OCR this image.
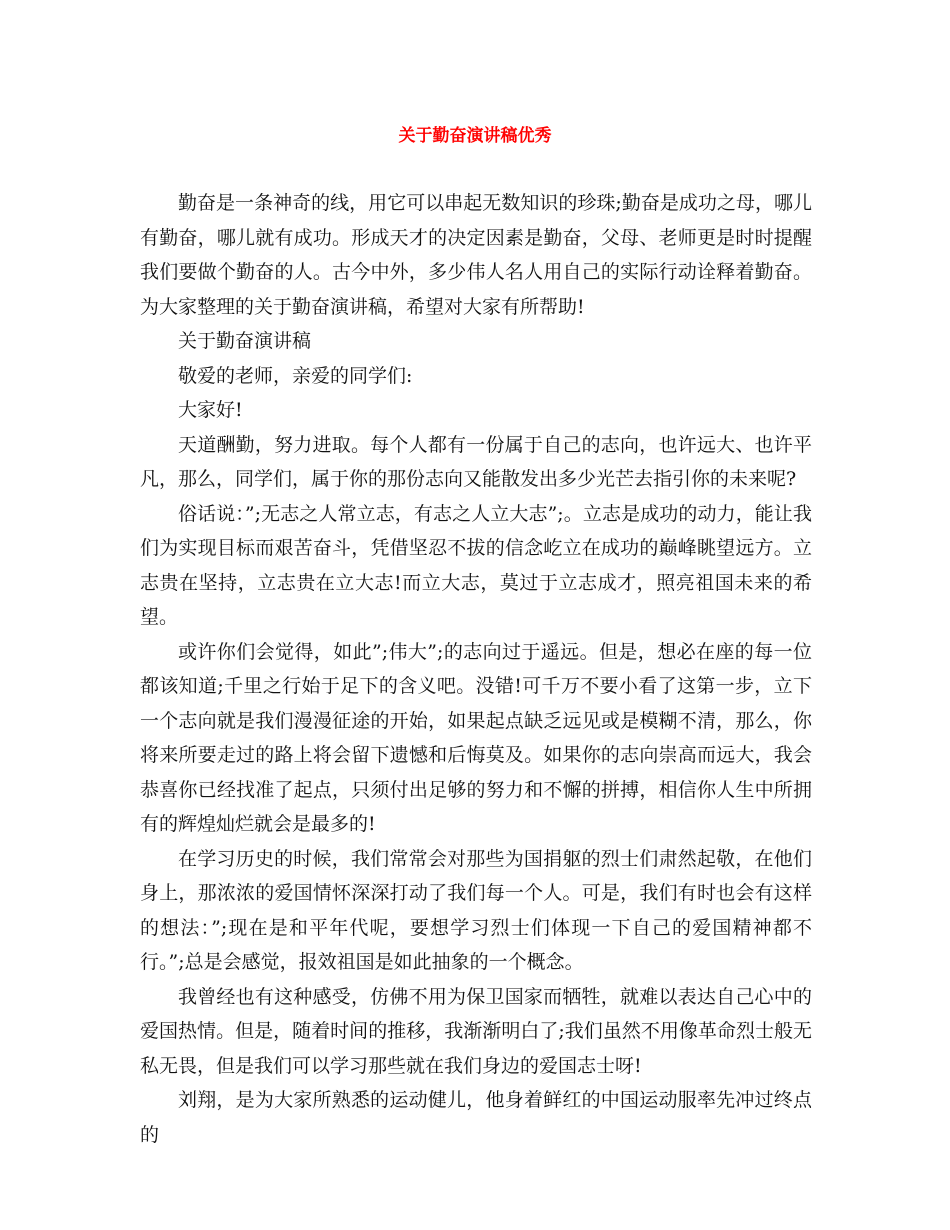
关于勤奋演讲稿优秀

勤奋是一条神奇的线，用它可以串起无数知识的珍珠;勤奋是成功之母，哪儿有勤奋，哪儿就有成功。形成天才的决定因素是勤奋，父母、老师更是时时提醒我们要做个勤奋的人。古今中外，多少伟人名人用自己的实际行动诠释着勤奋。为大家整理的关于勤奋演讲稿，希望对大家有所帮助!

关于勤奋演讲稿

敬爱的老师，亲爱的同学们:

大家好!

天道酬勤，努力进取。每个人都有一份属于自己的志向，也许远大、也许平凡，那么，同学们，属于你的那份志向又能散发出多少光芒去指引你的未来呢?

俗话说：”;无志之人常立志，有志之人立大志”;。立志是成功的动力，能让我们为实现目标而艰苦奋斗，凭借坚忍不拔的信念屹立在成功的巅峰眺望远方。立志贵在坚持，立志贵在立大志!而立大志，莫过于立志成才，照亮祖国未来的希望。

或许你们会觉得，如此”;伟大”;的志向过于遥远。但是，想必在座的每一位都该知道;千里之行始于足下的含义吧。没错!可千万不要小看了这第一步，立下一个志向就是我们漫漫征途的开始，如果起点缺乏远见或是模糊不清，那么，你将来所要走过的路上将会留下遗憾和后悔莫及。如果你的志向崇高而远大，我会恭喜你已经找准了起点，只须付出足够的努力和不懈的拼搏，相信你人生中所拥有的辉煌灿烂就会是最多的!

在学习历史的时候，我们常常会对那些为国捐躯的烈士们肃然起敬，在他们身上，那浓浓的爱国情怀深深打动了我们每一个人。可是，我们有时也会有这样的想法：”;现在是和平年代呢，要想学习烈士们体现一下自己的爱国精神都不行。”;总是会感觉，报效祖国是如此抽象的一个概念。

我曾经也有这种感受，仿佛不用为保卫国家而牺牲，就难以表达自己心中的爱国热情。但是，随着时间的推移，我渐渐明白了;我们虽然不用像革命烈士般无私无畏，但是我们可以学习那些就在我们身边的爱国志士呀!

刘翔，是为大家所熟悉的运动健儿，他身着鲜红的中国运动服率先冲过终点的
